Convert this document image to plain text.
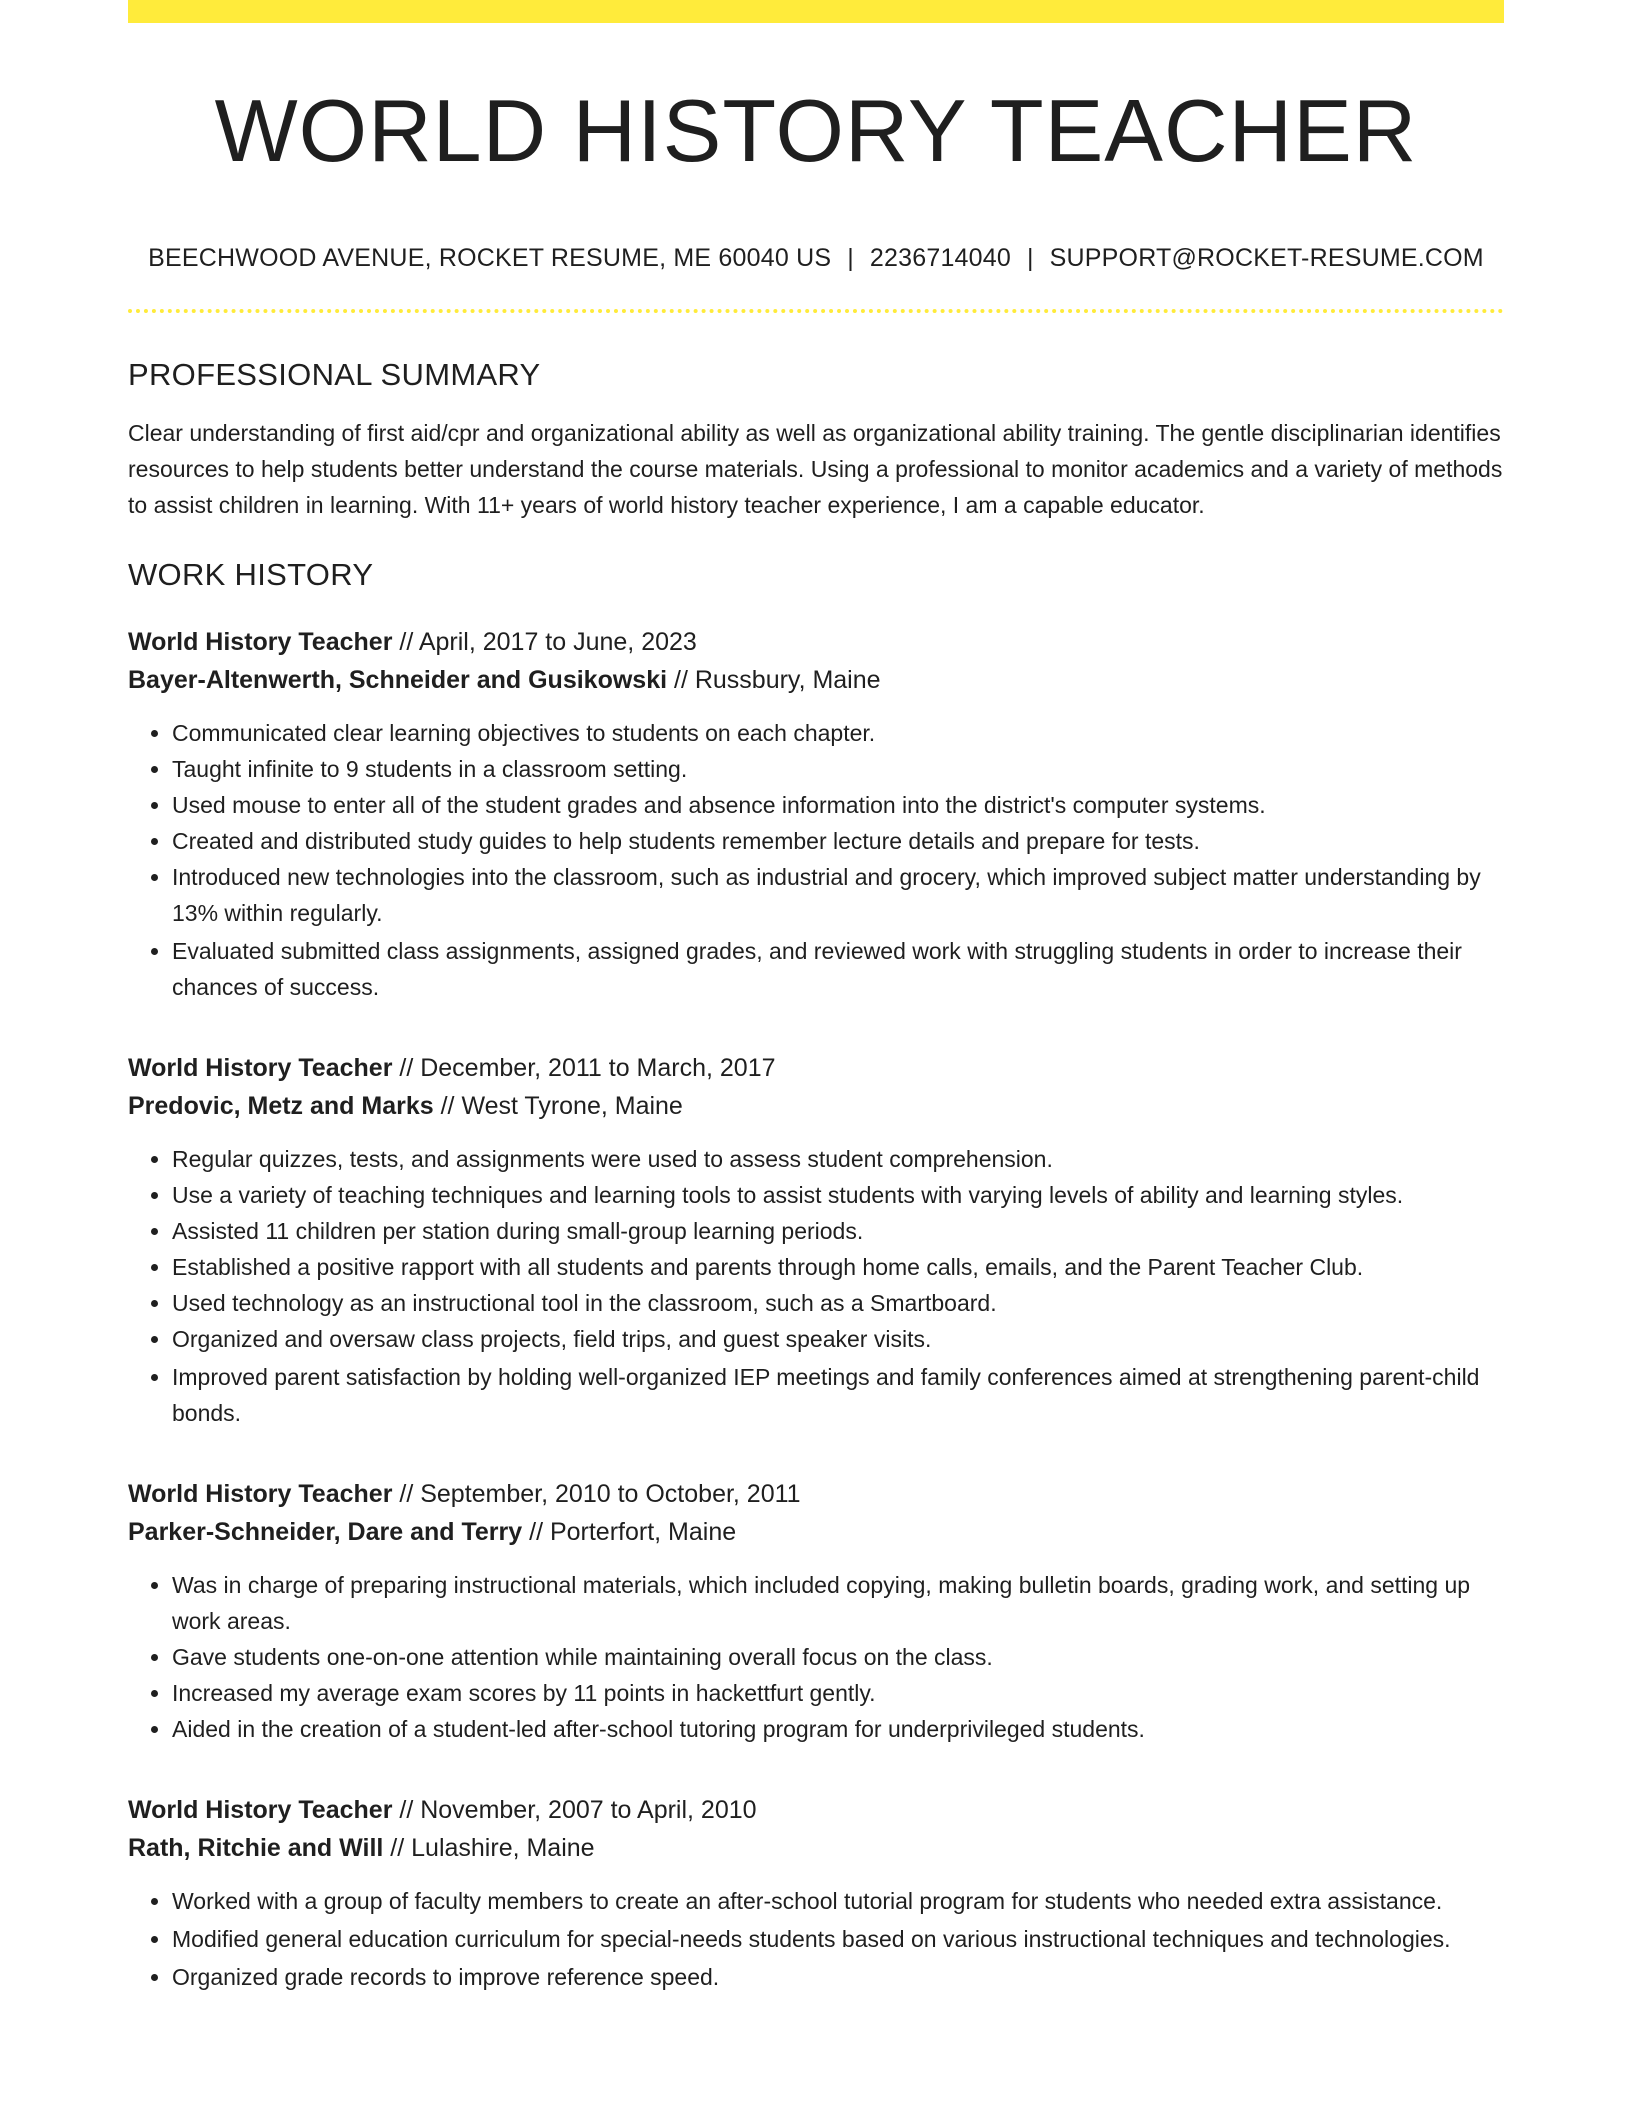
WORLD HISTORY TEACHER
BEECHWOOD AVENUE, ROCKET RESUME, ME 60040 US | 2236714040 | SUPPORT@ROCKET-RESUME.COM
PROFESSIONAL SUMMARY
Clear understanding of first aid/cpr and organizational ability as well as organizational ability training. The gentle disciplinarian identifies resources to help students better understand the course materials. Using a professional to monitor academics and a variety of methods to assist children in learning. With 11+ years of world history teacher experience, I am a capable educator.
WORK HISTORY
World History Teacher // April, 2017 to June, 2023
Bayer-Altenwerth, Schneider and Gusikowski // Russbury, Maine
• Communicated clear learning objectives to students on each chapter.
• Taught infinite to 9 students in a classroom setting.
• Used mouse to enter all of the student grades and absence information into the district's computer systems.
• Created and distributed study guides to help students remember lecture details and prepare for tests.
• Introduced new technologies into the classroom, such as industrial and grocery, which improved subject matter understanding by 13% within regularly.
• Evaluated submitted class assignments, assigned grades, and reviewed work with struggling students in order to increase their chances of success.
World History Teacher // December, 2011 to March, 2017
Predovic, Metz and Marks // West Tyrone, Maine
• Regular quizzes, tests, and assignments were used to assess student comprehension.
• Use a variety of teaching techniques and learning tools to assist students with varying levels of ability and learning styles.
• Assisted 11 children per station during small-group learning periods.
• Established a positive rapport with all students and parents through home calls, emails, and the Parent Teacher Club.
• Used technology as an instructional tool in the classroom, such as a Smartboard.
• Organized and oversaw class projects, field trips, and guest speaker visits.
• Improved parent satisfaction by holding well-organized IEP meetings and family conferences aimed at strengthening parent-child bonds.
World History Teacher // September, 2010 to October, 2011
Parker-Schneider, Dare and Terry // Porterfort, Maine
• Was in charge of preparing instructional materials, which included copying, making bulletin boards, grading work, and setting up work areas.
• Gave students one-on-one attention while maintaining overall focus on the class.
• Increased my average exam scores by 11 points in hackettfurt gently.
• Aided in the creation of a student-led after-school tutoring program for underprivileged students.
World History Teacher // November, 2007 to April, 2010
Rath, Ritchie and Will // Lulashire, Maine
• Worked with a group of faculty members to create an after-school tutorial program for students who needed extra assistance.
• Modified general education curriculum for special-needs students based on various instructional techniques and technologies.
• Organized grade records to improve reference speed.
